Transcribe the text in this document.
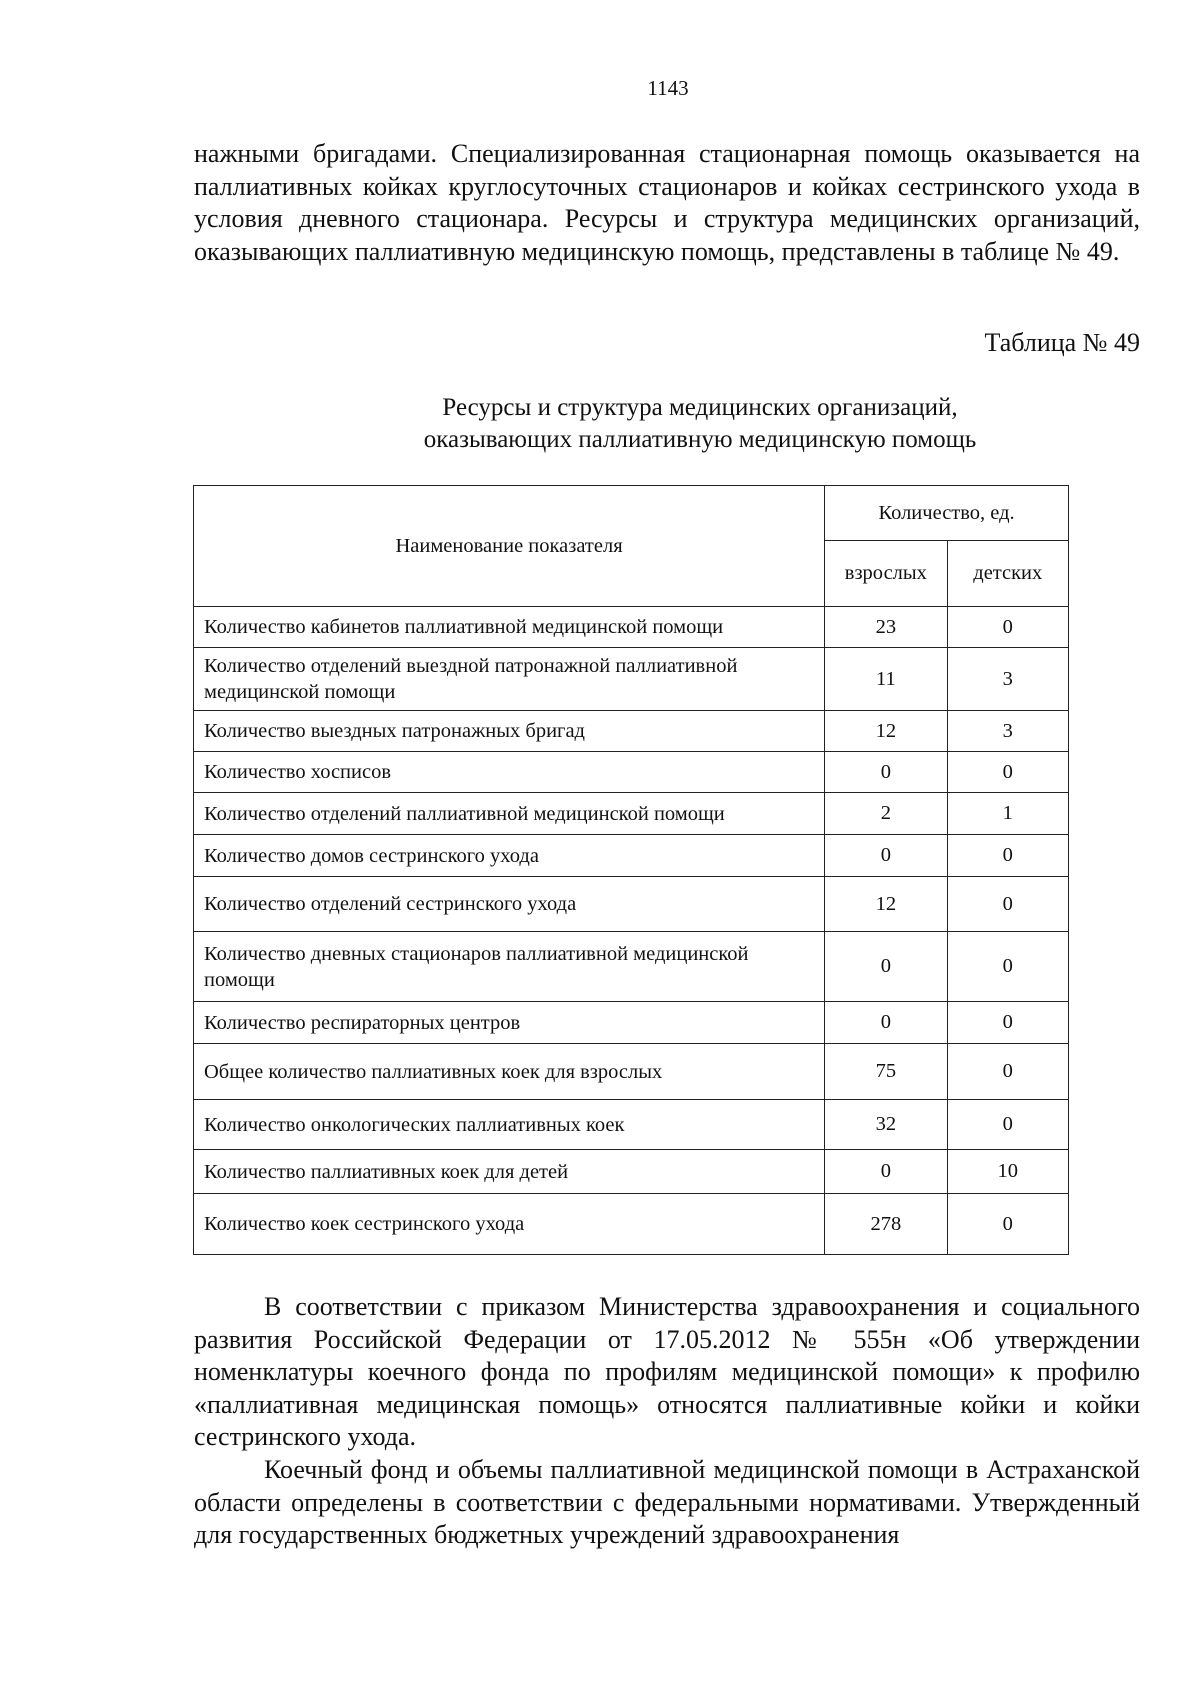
1143

нажными бригадами. Специализированная стационарная помощь оказывается на паллиативных койках круглосуточных стационаров и койках сестринского ухода в условия дневного стационара. Ресурсы и структура медицинских организаций, оказывающих паллиативную медицинскую помощь, представлены в таблице № 49.

Таблица № 49
Ресурсы и структура медицинских организаций,
оказывающих паллиативную медицинскую помощь
Наименование показателя	Количество, ед.	
	взрослых	детских
Количество кабинетов паллиативной медицинской помощи	23	0
Количество отделений выездной патронажной паллиативной медицинской помощи	11	3
Количество выездных патронажных бригад	12	3
Количество хосписов	0	0
Количество отделений паллиативной медицинской помощи	2	1
Количество домов сестринского ухода	0	0
Количество отделений сестринского ухода	12	0
Количество дневных стационаров паллиативной медицинской помощи	0	0
Количество респираторных центров	0	0
Общее количество паллиативных коек для взрослых	75	0
Количество онкологических паллиативных коек	32	0
Количество паллиативных коек для детей	0	10
Количество коек сестринского ухода	278	0

В соответствии с приказом Министерства здравоохранения и социального развития Российской Федерации от 17.05.2012 № 555н «Об утверждении номенклатуры коечного фонда по профилям медицинской помощи» к профилю «паллиативная медицинская помощь» относятся паллиативные койки и койки сестринского ухода.

Коечный фонд и объемы паллиативной медицинской помощи в Астраханской области определены в соответствии с федеральными нормативами. Утвержденный для государственных бюджетных учреждений здравоохранения
